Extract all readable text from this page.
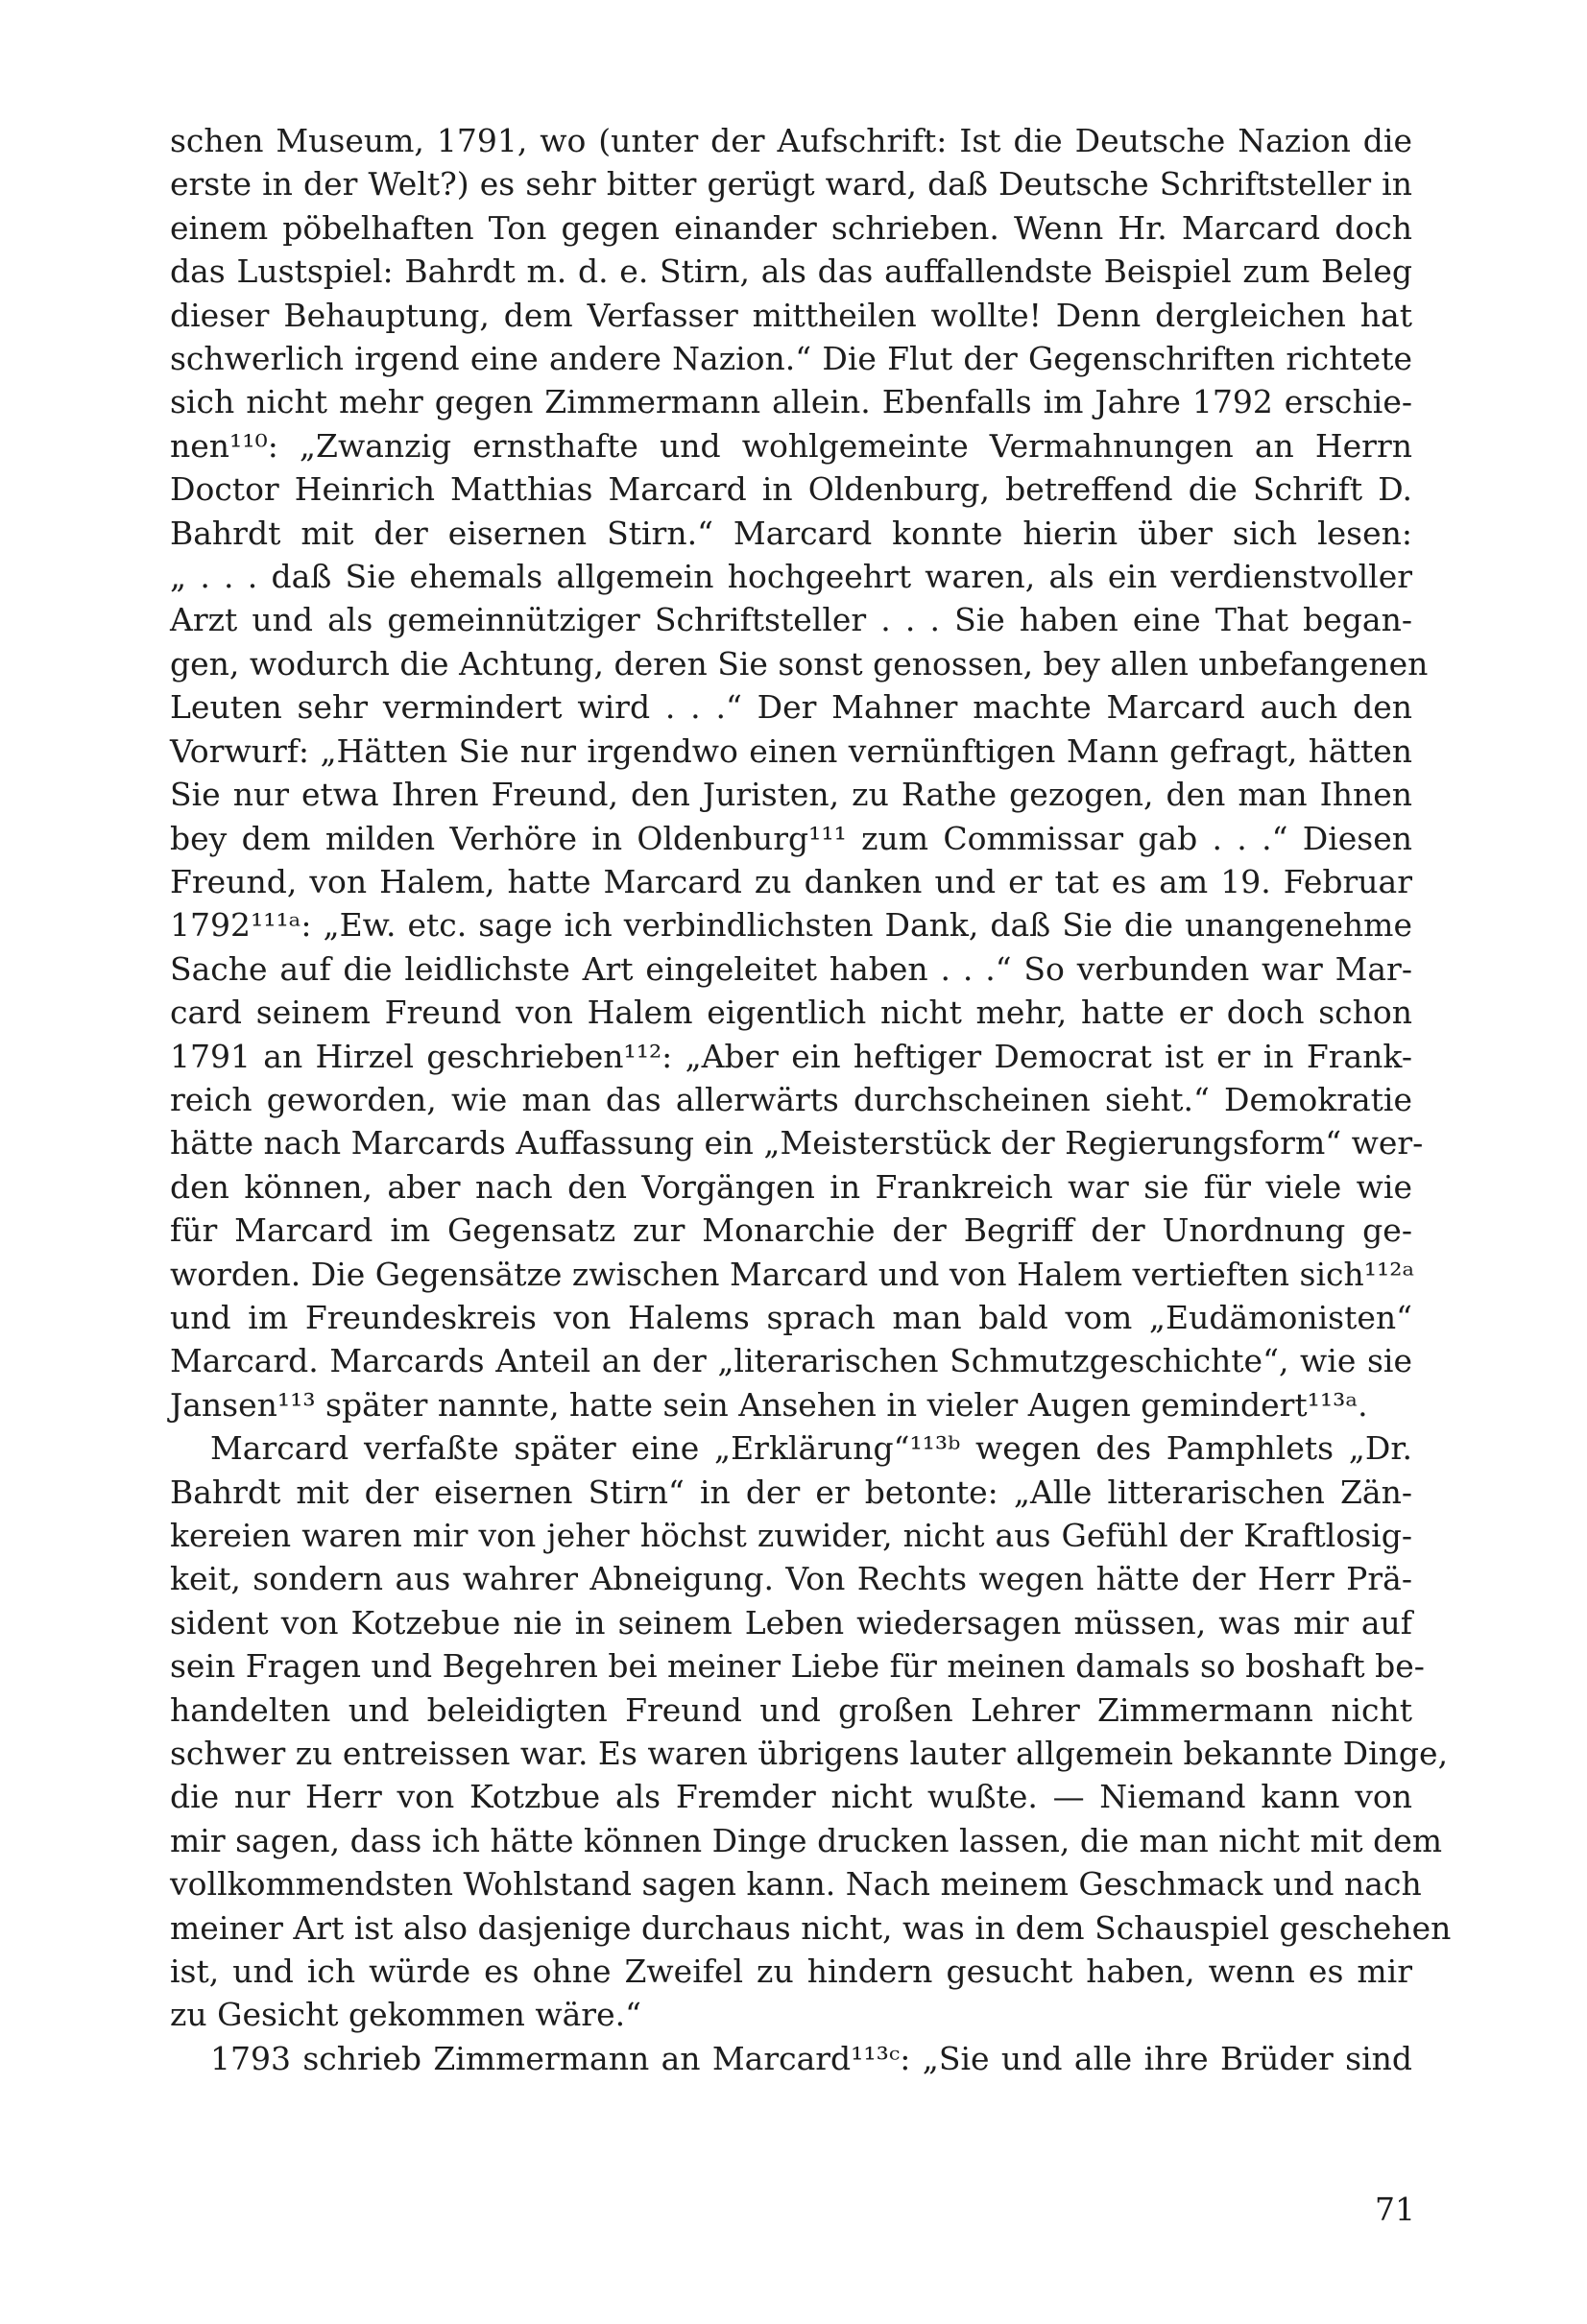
schen Museum, 1791, wo (unter der Aufschrift: Ist die Deutsche Nazion die
erste in der Welt?) es sehr bitter gerügt ward, daß Deutsche Schriftsteller in
einem pöbelhaften Ton gegen einander schrieben. Wenn Hr. Marcard doch
das Lustspiel: Bahrdt m. d. e. Stirn, als das auffallendste Beispiel zum Beleg
dieser Behauptung, dem Verfasser mittheilen wollte! Denn dergleichen hat
schwerlich irgend eine andere Nazion.“ Die Flut der Gegenschriften richtete
sich nicht mehr gegen Zimmermann allein. Ebenfalls im Jahre 1792 erschie-
nen¹¹⁰: „Zwanzig ernsthafte und wohlgemeinte Vermahnungen an Herrn
Doctor Heinrich Matthias Marcard in Oldenburg, betreffend die Schrift D.
Bahrdt mit der eisernen Stirn.“ Marcard konnte hierin über sich lesen:
„ . . . daß Sie ehemals allgemein hochgeehrt waren, als ein verdienstvoller
Arzt und als gemeinnütziger Schriftsteller . . . Sie haben eine That began-
gen, wodurch die Achtung, deren Sie sonst genossen, bey allen unbefangenen
Leuten sehr vermindert wird . . .“ Der Mahner machte Marcard auch den
Vorwurf: „Hätten Sie nur irgendwo einen vernünftigen Mann gefragt, hätten
Sie nur etwa Ihren Freund, den Juristen, zu Rathe gezogen, den man Ihnen
bey dem milden Verhöre in Oldenburg¹¹¹ zum Commissar gab . . .“ Diesen
Freund, von Halem, hatte Marcard zu danken und er tat es am 19. Februar
1792¹¹¹ᵃ: „Ew. etc. sage ich verbindlichsten Dank, daß Sie die unangenehme
Sache auf die leidlichste Art eingeleitet haben . . .“ So verbunden war Mar-
card seinem Freund von Halem eigentlich nicht mehr, hatte er doch schon
1791 an Hirzel geschrieben¹¹²: „Aber ein heftiger Democrat ist er in Frank-
reich geworden, wie man das allerwärts durchscheinen sieht.“ Demokratie
hätte nach Marcards Auffassung ein „Meisterstück der Regierungsform“ wer-
den können, aber nach den Vorgängen in Frankreich war sie für viele wie
für Marcard im Gegensatz zur Monarchie der Begriff der Unordnung ge-
worden. Die Gegensätze zwischen Marcard und von Halem vertieften sich¹¹²ᵃ
und im Freundeskreis von Halems sprach man bald vom „Eudämonisten“
Marcard. Marcards Anteil an der „literarischen Schmutzgeschichte“, wie sie
Jansen¹¹³ später nannte, hatte sein Ansehen in vieler Augen gemindert¹¹³ᵃ.

Marcard verfaßte später eine „Erklärung“¹¹³ᵇ wegen des Pamphlets „Dr.
Bahrdt mit der eisernen Stirn“ in der er betonte: „Alle litterarischen Zän-
kereien waren mir von jeher höchst zuwider, nicht aus Gefühl der Kraftlosig-
keit, sondern aus wahrer Abneigung. Von Rechts wegen hätte der Herr Prä-
sident von Kotzebue nie in seinem Leben wiedersagen müssen, was mir auf
sein Fragen und Begehren bei meiner Liebe für meinen damals so boshaft be-
handelten und beleidigten Freund und großen Lehrer Zimmermann nicht
schwer zu entreissen war. Es waren übrigens lauter allgemein bekannte Dinge,
die nur Herr von Kotzbue als Fremder nicht wußte. — Niemand kann von
mir sagen, dass ich hätte können Dinge drucken lassen, die man nicht mit dem
vollkommendsten Wohlstand sagen kann. Nach meinem Geschmack und nach
meiner Art ist also dasjenige durchaus nicht, was in dem Schauspiel geschehen
ist, und ich würde es ohne Zweifel zu hindern gesucht haben, wenn es mir
zu Gesicht gekommen wäre.“

1793 schrieb Zimmermann an Marcard¹¹³ᶜ: „Sie und alle ihre Brüder sind

71
